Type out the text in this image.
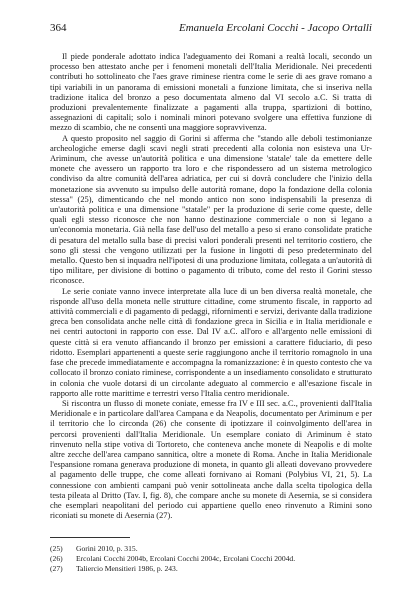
364	Emanuela Ercolani Cocchi - Jacopo Ortalli

Il piede ponderale adottato indica l'adeguamento dei Romani a realtà locali, secondo un processo ben attestato anche per i fenomeni monetali dell'Italia Meridionale. Nei precedenti contributi ho sottolineato che l'aes grave riminese rientra come le serie di aes grave romano a tipi variabili in un panorama di emissioni monetali a funzione limitata, che si inseriva nella tradizione italica del bronzo a peso documentata almeno dal VI secolo a.C. Si tratta di produzioni prevalentemente finalizzate a pagamenti alla truppa, spartizioni di bottino, assegnazioni di capitali; solo i nominali minori potevano svolgere una effettiva funzione di mezzo di scambio, che ne consentì una maggiore sopravvivenza.

A questo proposito nel saggio di Gorini si afferma che "stando alle deboli testimonianze archeologiche emerse dagli scavi negli strati precedenti alla colonia non esisteva una Ur-Ariminum, che avesse un'autorità politica e una dimensione 'statale' tale da emettere delle monete che avessero un rapporto tra loro e che rispondessero ad un sistema metrologico condiviso da altre comunità dell'area adriatica, per cui si dovrà concludere che l'inizio della monetazione sia avvenuto su impulso delle autorità romane, dopo la fondazione della colonia stessa" (25), dimenticando che nel mondo antico non sono indispensabili la presenza di un'autorità politica e una dimensione "statale" per la produzione di serie come queste, delle quali egli stesso riconosce che non hanno destinazione commerciale o non si legano a un'economia monetaria. Già nella fase dell'uso del metallo a peso si erano consolidate pratiche di pesatura del metallo sulla base di precisi valori ponderali presenti nel territorio costiero, che sono gli stessi che vengono utilizzati per la fusione in lingotti di peso predeterminato del metallo. Questo ben si inquadra nell'ipotesi di una produzione limitata, collegata a un'autorità di tipo militare, per divisione di bottino o pagamento di tributo, come del resto il Gorini stesso riconosce.

Le serie coniate vanno invece interpretate alla luce di un ben diversa realtà monetale, che risponde all'uso della moneta nelle strutture cittadine, come strumento fiscale, in rapporto ad attività commerciali e di pagamento di pedaggi, rifornimenti e servizi, derivante dalla tradizione greca ben consolidata anche nelle città di fondazione greca in Sicilia e in Italia meridionale e nei centri autoctoni in rapporto con esse. Dal IV a.C. all'oro e all'argento nelle emissioni di queste città si era venuto affiancando il bronzo per emissioni a carattere fiduciario, di peso ridotto. Esemplari appartenenti a queste serie raggiungono anche il territorio romagnolo in una fase che precede immediatamente e accompagna la romanizzazione: è in questo contesto che va collocato il bronzo coniato riminese, corrispondente a un insediamento consolidato e strutturato in colonia che vuole dotarsi di un circolante adeguato al commercio e all'esazione fiscale in rapporto alle rotte marittime e terrestri verso l'Italia centro meridionale.

Si riscontra un flusso di monete coniate, emesse fra IV e III sec. a.C., provenienti dall'Italia Meridionale e in particolare dall'area Campana e da Neapolis, documentato per Ariminum e per il territorio che lo circonda (26) che consente di ipotizzare il coinvolgimento dell'area in percorsi provenienti dall'Italia Meridionale. Un esemplare coniato di Ariminum è stato rinvenuto nella stipe votiva di Tortoreto, che conteneva anche monete di Neapolis e di molte altre zecche dell'area campano sannitica, oltre a monete di Roma. Anche in Italia Meridionale l'espansione romana generava produzione di moneta, in quanto gli alleati dovevano provvedere al pagamento delle truppe, che come alleati fornivano ai Romani (Polybius VI, 21, 5). La connessione con ambienti campani può venir sottolineata anche dalla scelta tipologica della testa pileata al Dritto (Tav. I, fig. 8), che compare anche su monete di Aesernia, se si considera che esemplari neapolitani del periodo cui appartiene quello eneo rinvenuto a Rimini sono riconiati su monete di Aesernia (27).

(25)	Gorini 2010, p. 315.
(26)	Ercolani Cocchi 2004b, Ercolani Cocchi 2004c, Ercolani Cocchi 2004d.
(27)	Taliercio Mensitieri 1986, p. 243.
